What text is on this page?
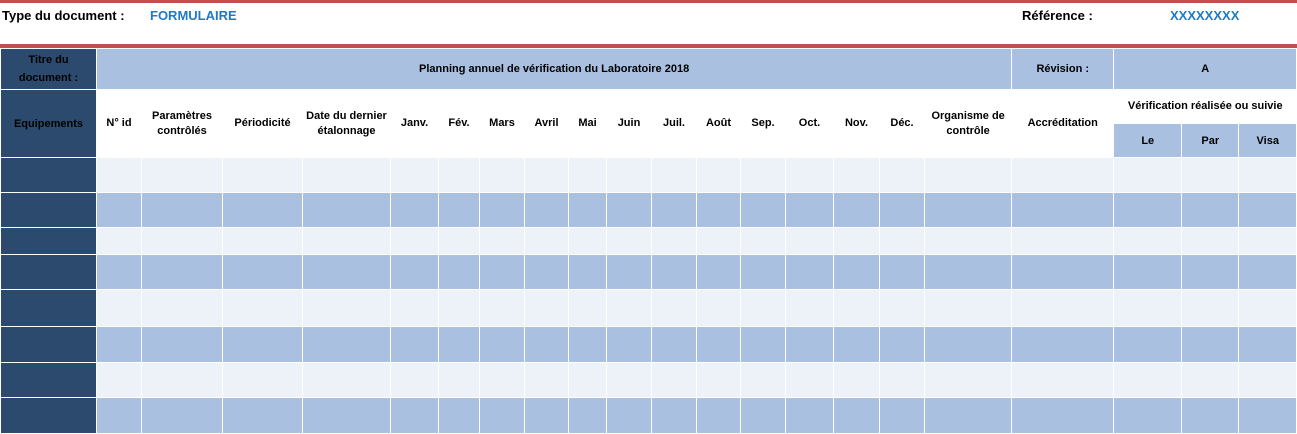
Type du document : FORMULAIRE	Référence :	XXXXXXXX
Titre du document :	Planning annuel de vérification du Laboratoire 2018																	Révision :	A		
Equipements	N° id	Paramètres contrôlés	Périodicité	Date du dernier étalonnage	Janv.	Fév.	Mars	Avril	Mai	Juin	Juil.	Août	Sep.	Oct.	Nov.	Déc.	Organisme de contrôle	Accréditation	Vérification réalisée ou suivie		
																			Le	Par	Visa
